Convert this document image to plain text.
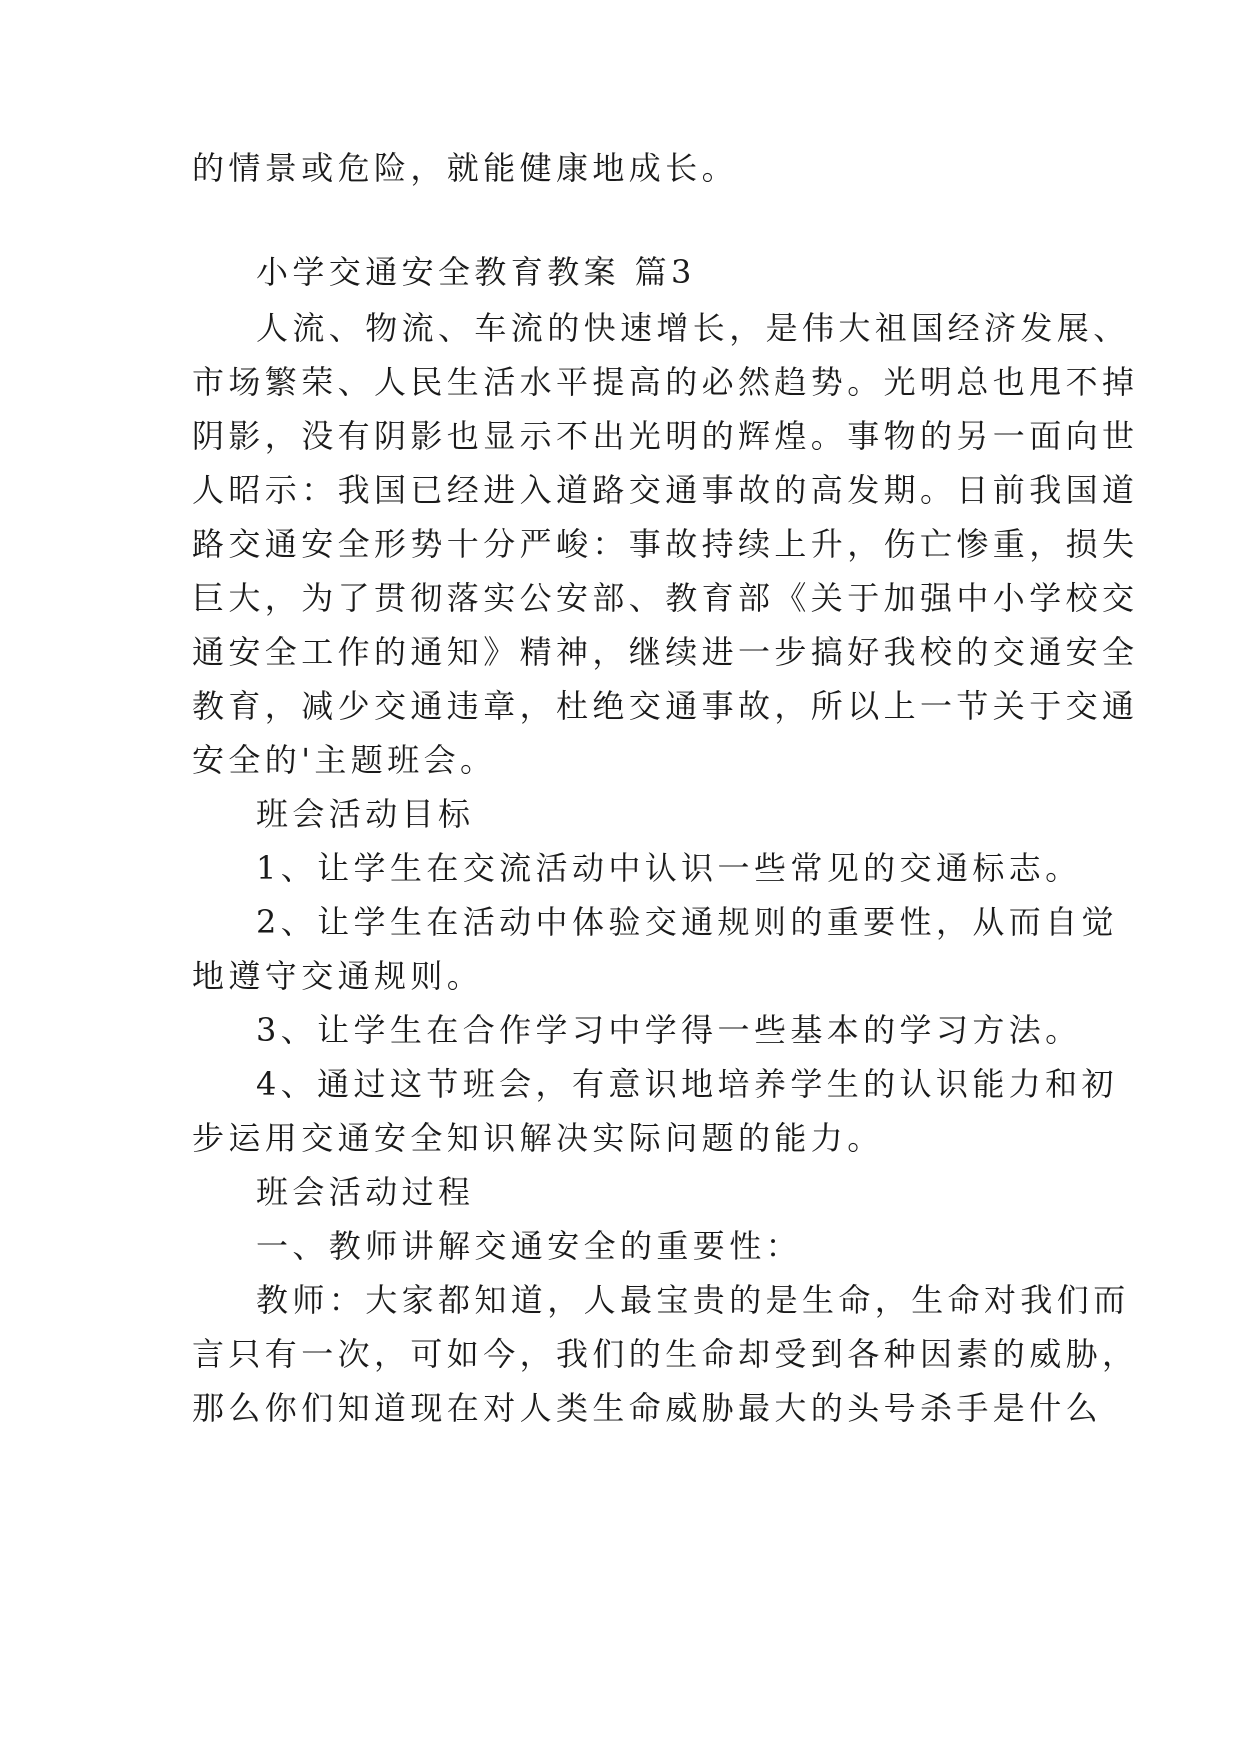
的情景或危险，就能健康地成长。
小学交通安全教育教案 篇3
人流、物流、车流的快速增长，是伟大祖国经济发展、
市场繁荣、人民生活水平提高的必然趋势。光明总也甩不掉
阴影，没有阴影也显示不出光明的辉煌。事物的另一面向世
人昭示：我国已经进入道路交通事故的高发期。日前我国道
路交通安全形势十分严峻：事故持续上升，伤亡惨重，损失
巨大，为了贯彻落实公安部、教育部《关于加强中小学校交
通安全工作的通知》精神，继续进一步搞好我校的交通安全
教育，减少交通违章，杜绝交通事故，所以上一节关于交通
安全的'主题班会。
班会活动目标
1、让学生在交流活动中认识一些常见的交通标志。
2、让学生在活动中体验交通规则的重要性，从而自觉
地遵守交通规则。
3、让学生在合作学习中学得一些基本的学习方法。
4、通过这节班会，有意识地培养学生的认识能力和初
步运用交通安全知识解决实际问题的能力。
班会活动过程
一、教师讲解交通安全的重要性：
教师：大家都知道，人最宝贵的是生命，生命对我们而
言只有一次，可如今，我们的生命却受到各种因素的威胁，
那么你们知道现在对人类生命威胁最大的头号杀手是什么
